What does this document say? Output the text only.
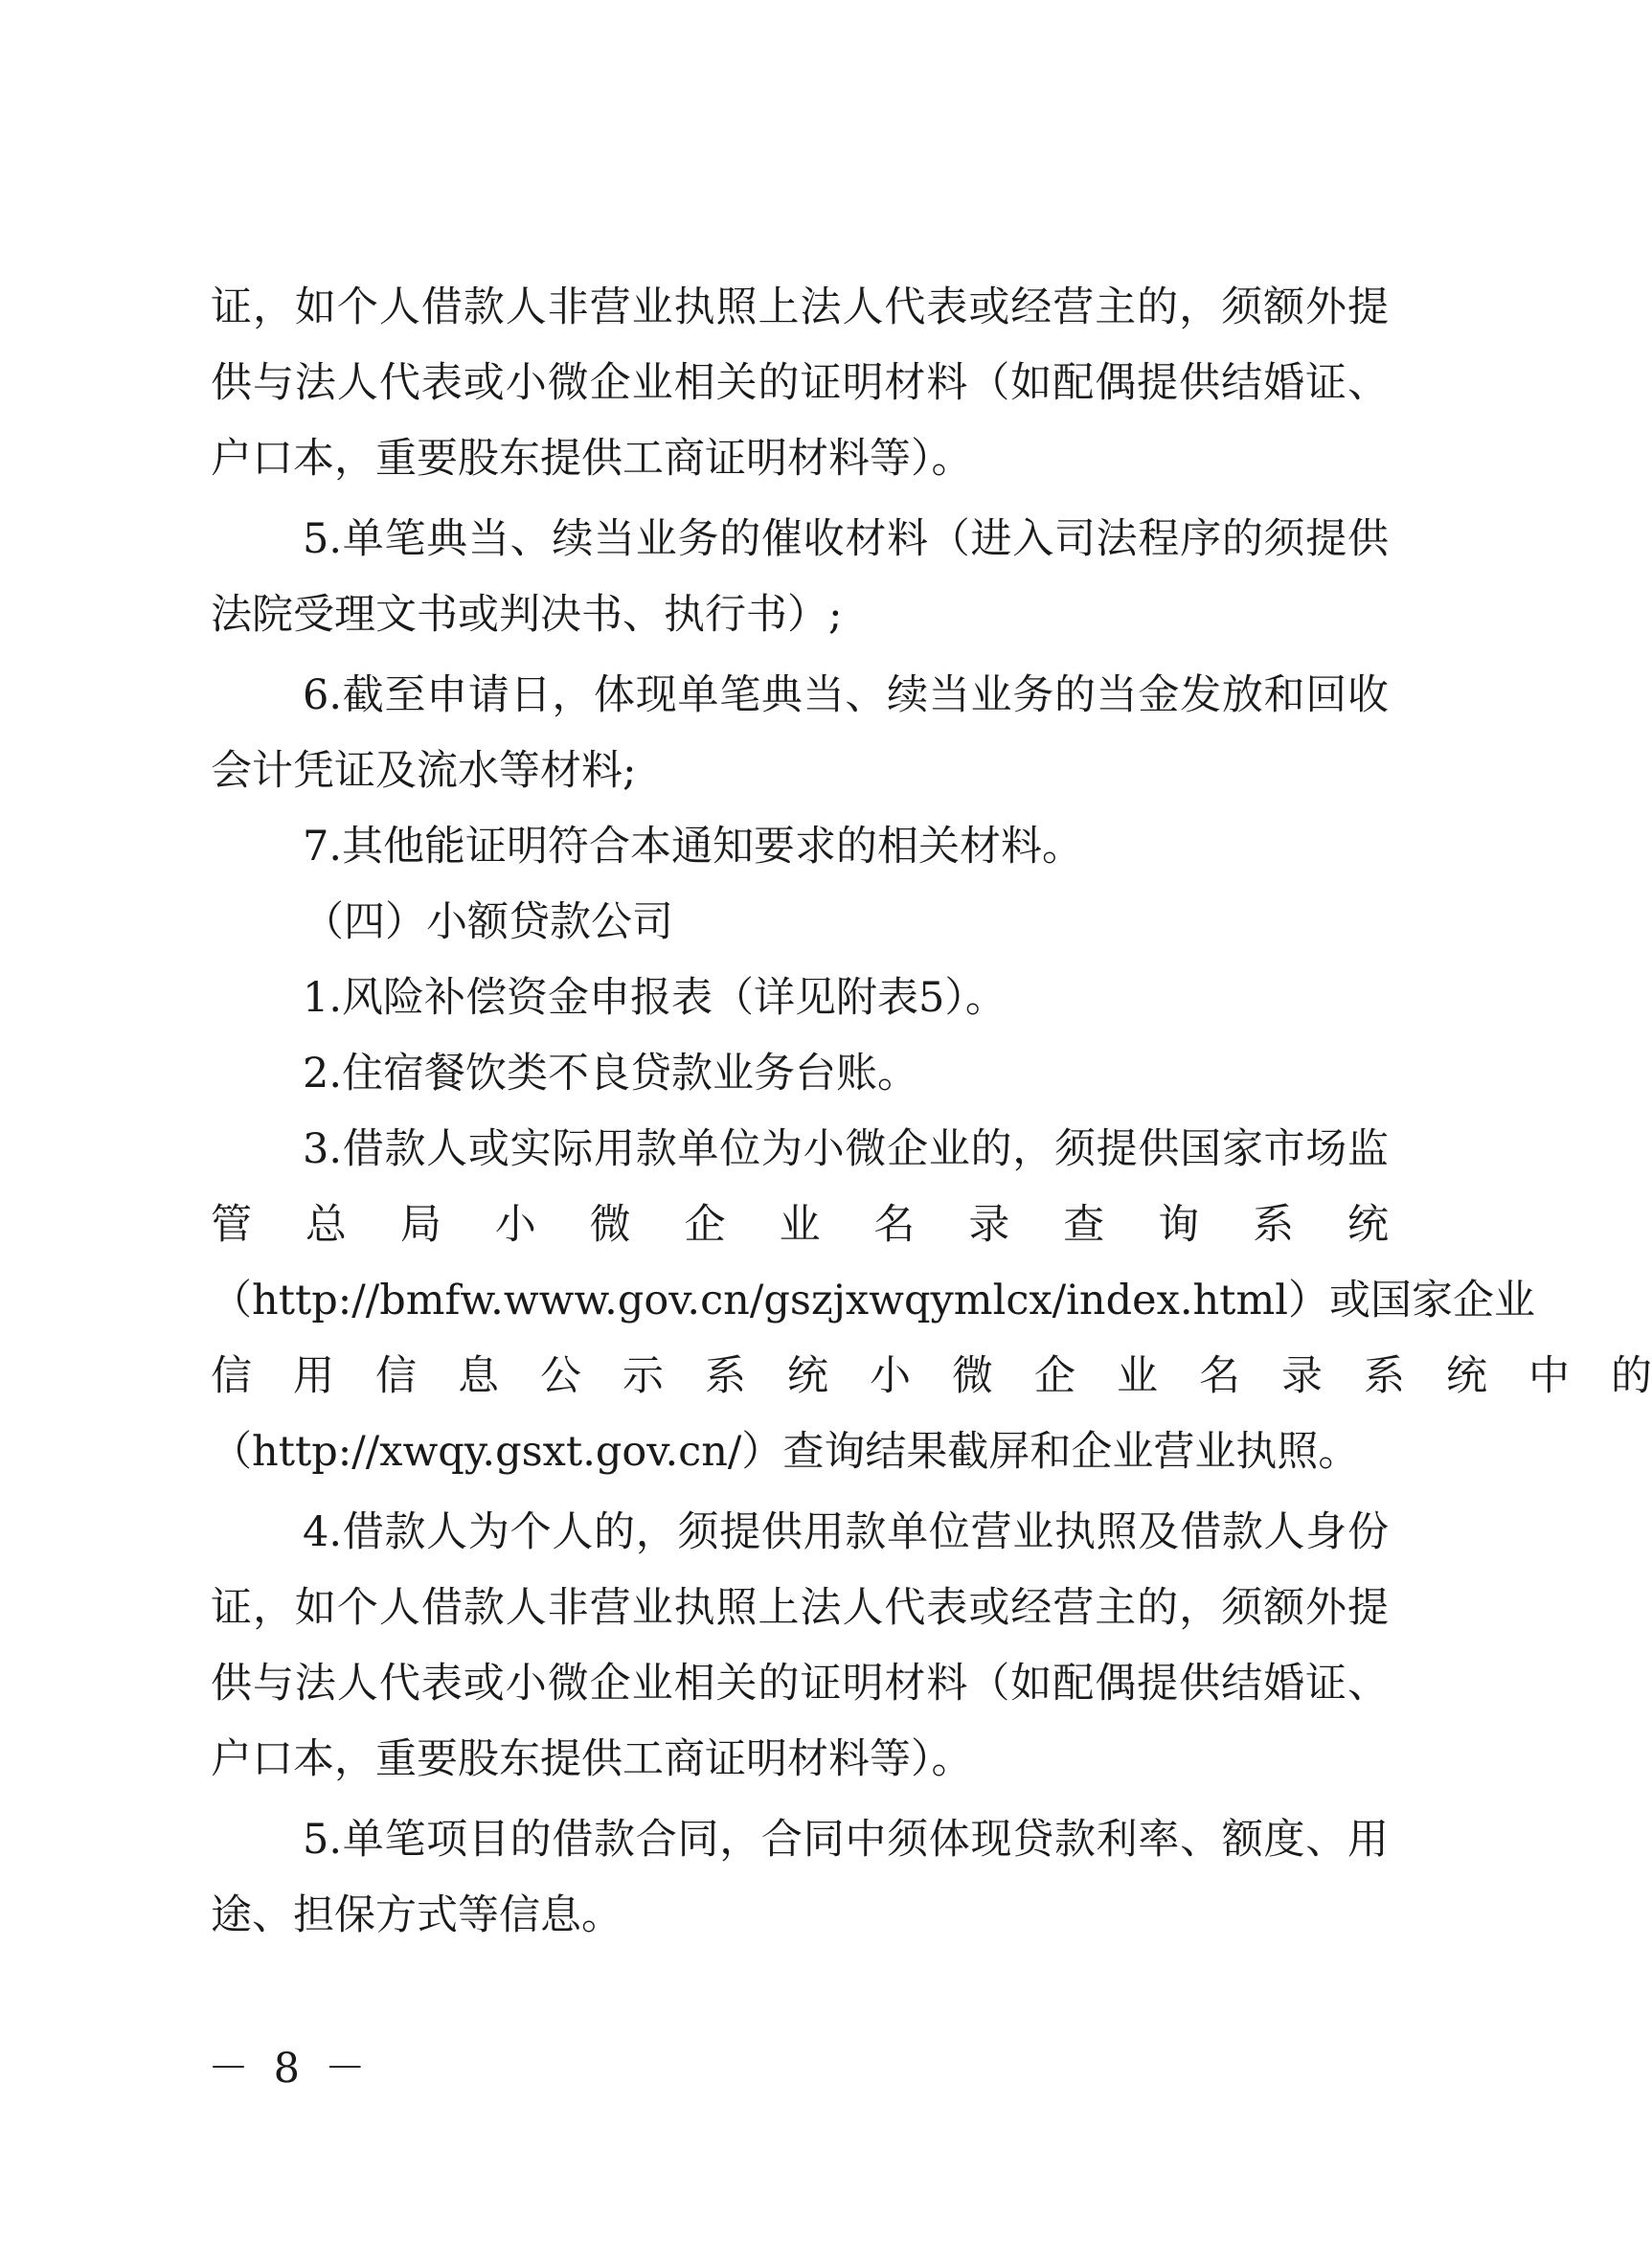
证，如个人借款人非营业执照上法人代表或经营主的，须额外提
供与法人代表或小微企业相关的证明材料（如配偶提供结婚证、
户口本，重要股东提供工商证明材料等）。
5.单笔典当、续当业务的催收材料（进入司法程序的须提供
法院受理文书或判决书、执行书）;
6.截至申请日，体现单笔典当、续当业务的当金发放和回收
会计凭证及流水等材料;
7.其他能证明符合本通知要求的相关材料。
（四）小额贷款公司
1.风险补偿资金申报表（详见附表5）。
2.住宿餐饮类不良贷款业务台账。
3.借款人或实际用款单位为小微企业的，须提供国家市场监
管　总　局　小　微　企　业　名　录　查　询　系　统
（http://bmfw.www.gov.cn/gszjxwqymlcx/index.html）或国家企业
信　用　信　息　公　示　系　统　小　微　企　业　名　录　系　统　中　的
（http://xwqy.gsxt.gov.cn/）查询结果截屏和企业营业执照。
4.借款人为个人的，须提供用款单位营业执照及借款人身份
证，如个人借款人非营业执照上法人代表或经营主的，须额外提
供与法人代表或小微企业相关的证明材料（如配偶提供结婚证、
户口本，重要股东提供工商证明材料等）。
5.单笔项目的借款合同，合同中须体现贷款利率、额度、用
途、担保方式等信息。
－ 8 －
